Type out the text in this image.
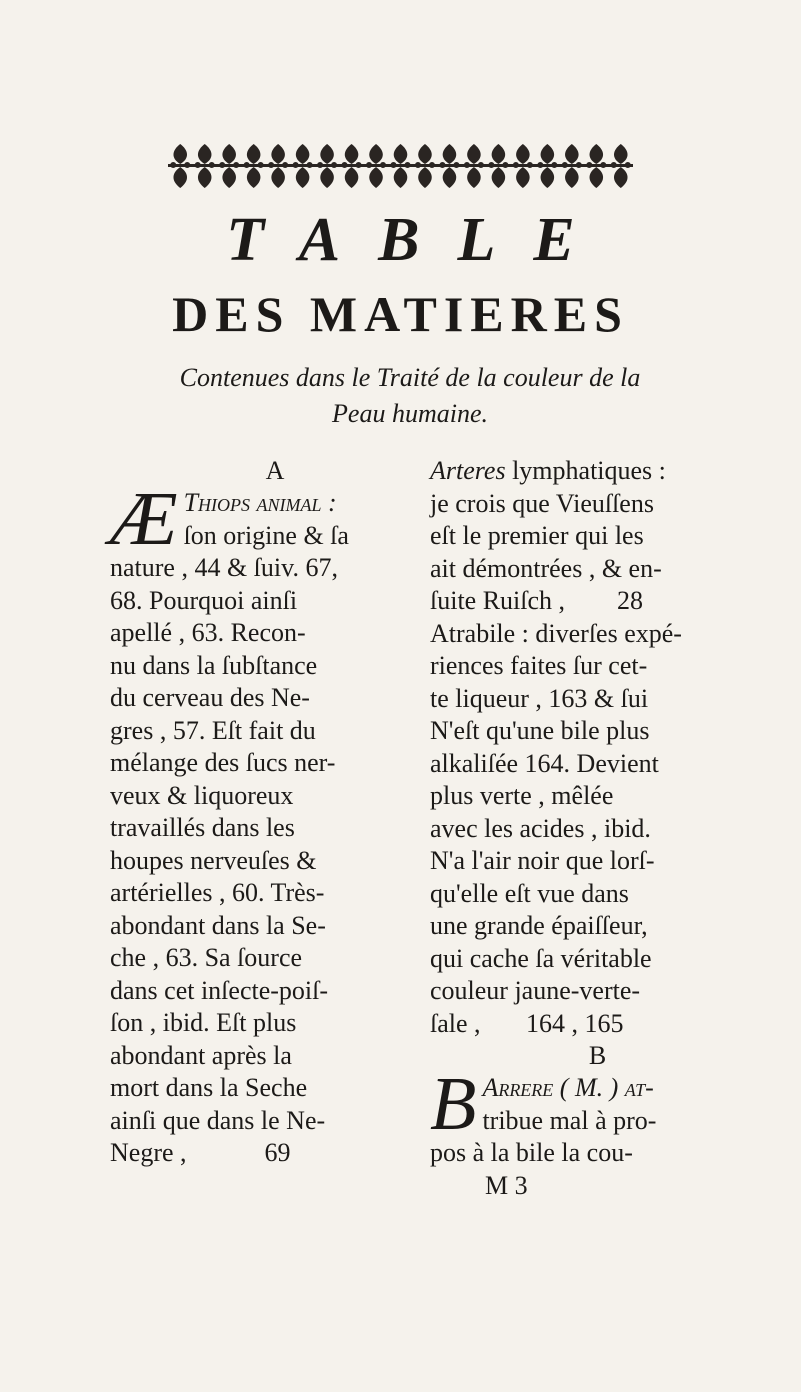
TABLE
DES MATIERES
Contenues dans le Traité de la couleur de la
Peau humaine.
A
Æ Thiops animal :
ſon origine & ſa
nature , 44 & ſuiv. 67,
68. Pourquoi ainſi
apellé , 63. Recon-
nu dans la ſubſtance
du cerveau des Ne-
gres , 57. Eſt fait du
mélange des ſucs ner-
veux & liquoreux
travaillés dans les
houpes nerveuſes &
artérielles , 60. Très-
abondant dans la Se-
che , 63. Sa ſource
dans cet inſecte-poiſ-
ſon , ibid. Eſt plus
abondant après la
mort dans la Seche
ainſi que dans le Ne-
Negre ,            69
Arteres lymphatiques :
je crois que Vieuſſens
eſt le premier qui les
ait démontrées , & en-
ſuite Ruiſch ,        28
Atrabile : diverſes expé-
riences faites ſur cet-
te liqueur , 163 & ſui
N'eſt qu'une bile plus
alkaliſée 164. Devient
plus verte , mêlée
avec les acides , ibid.
N'a l'air noir que lorſ-
qu'elle eſt vue dans
une grande épaiſſeur,
qui cache ſa véritable
couleur jaune-verte-
ſale ,       164 , 165
B
B Arrere ( M. ) at-
tribue mal à pro-
pos à la bile la cou-
M 3
